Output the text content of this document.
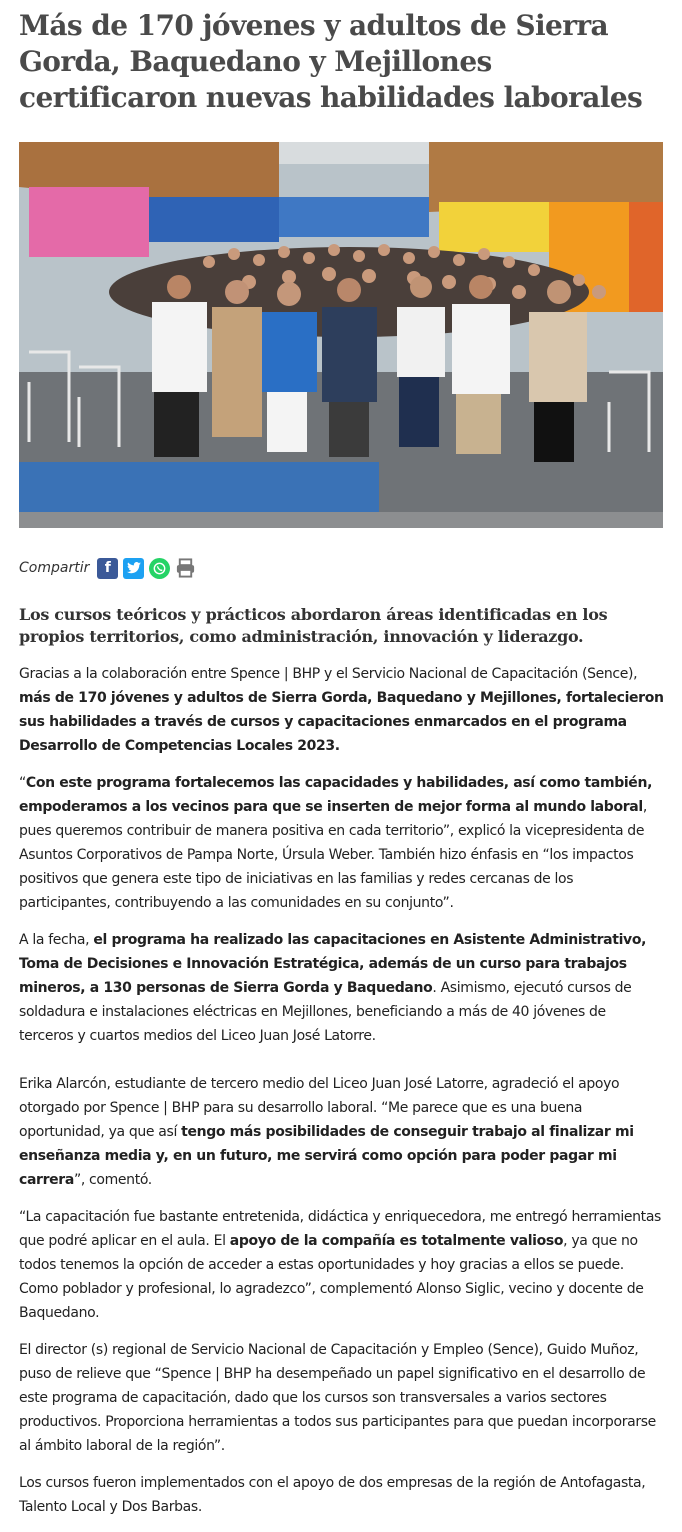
Más de 170 jóvenes y adultos de Sierra Gorda, Baquedano y Mejillones certificaron nuevas habilidades laborales
Compartir	f
Los cursos teóricos y prácticos abordaron áreas identificadas en los propios territorios, como administración, innovación y liderazgo.

Gracias a la colaboración entre Spence | BHP y el Servicio Nacional de Capacitación (Sence), más de 170 jóvenes y adultos de Sierra Gorda, Baquedano y Mejillones, fortalecieron sus habilidades a través de cursos y capacitaciones enmarcados en el programa Desarrollo de Competencias Locales 2023.

“Con este programa fortalecemos las capacidades y habilidades, así como también, empoderamos a los vecinos para que se inserten de mejor forma al mundo laboral, pues queremos contribuir de manera positiva en cada territorio”, explicó la vicepresidenta de Asuntos Corporativos de Pampa Norte, Úrsula Weber. También hizo énfasis en “los impactos positivos que genera este tipo de iniciativas en las familias y redes cercanas de los participantes, contribuyendo a las comunidades en su conjunto”.

A la fecha, el programa ha realizado las capacitaciones en Asistente Administrativo, Toma de Decisiones e Innovación Estratégica, además de un curso para trabajos mineros, a 130 personas de Sierra Gorda y Baquedano. Asimismo, ejecutó cursos de soldadura e instalaciones eléctricas en Mejillones, beneficiando a más de 40 jóvenes de terceros y cuartos medios del Liceo Juan José Latorre.

Erika Alarcón, estudiante de tercero medio del Liceo Juan José Latorre, agradeció el apoyo otorgado por Spence | BHP para su desarrollo laboral. “Me parece que es una buena oportunidad, ya que así tengo más posibilidades de conseguir trabajo al finalizar mi enseñanza media y, en un futuro, me servirá como opción para poder pagar mi carrera”, comentó.

“La capacitación fue bastante entretenida, didáctica y enriquecedora, me entregó herramientas que podré aplicar en el aula. El apoyo de la compañía es totalmente valioso, ya que no todos tenemos la opción de acceder a estas oportunidades y hoy gracias a ellos se puede. Como poblador y profesional, lo agradezco”, complementó Alonso Siglic, vecino y docente de Baquedano.

El director (s) regional de Servicio Nacional de Capacitación y Empleo (Sence), Guido Muñoz, puso de relieve que “Spence | BHP ha desempeñado un papel significativo en el desarrollo de este programa de capacitación, dado que los cursos son transversales a varios sectores productivos. Proporciona herramientas a todos sus participantes para que puedan incorporarse al ámbito laboral de la región”.

Los cursos fueron implementados con el apoyo de dos empresas de la región de Antofagasta, Talento Local y Dos Barbas.
